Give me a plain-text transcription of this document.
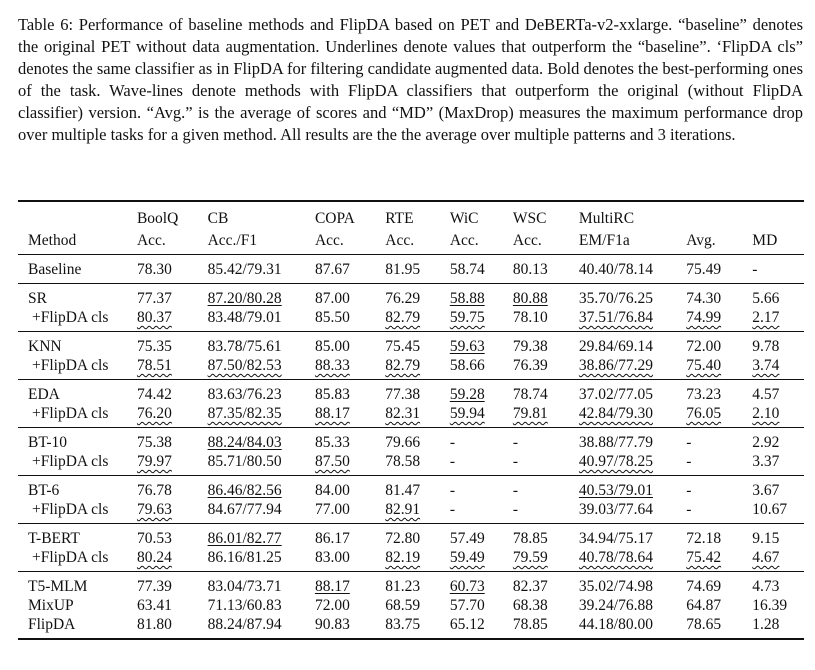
Table 6: Performance of baseline methods and FlipDA based on PET and DeBERTa-v2-xxlarge. “baseline” denotes the original PET without data augmentation. Underlines denote values that outperform the “baseline”. ‘FlipDA cls” denotes the same classifier as in FlipDA for filtering candidate augmented data. Bold denotes the best-performing ones of the task. Wave-lines denote methods with FlipDA classifiers that outperform the original (without FlipDA classifier) version. “Avg.” is the average of scores and “MD” (MaxDrop) measures the maximum performance drop over multiple tasks for a given method. All results are the the average over multiple patterns and 3 iterations.

	BoolQ	CB	COPA	RTE	WiC	WSC	MultiRC		
Method	Acc.	Acc./F1	Acc.	Acc.	Acc.	Acc.	EM/F1a	Avg.	MD
Baseline	78.30	85.42/79.31	87.67	81.95	58.74	80.13	40.40/78.14	75.49	-
SR	77.37	87.20/80.28	87.00	76.29	58.88	80.88	35.70/76.25	74.30	5.66
+FlipDA cls	80.37	83.48/79.01	85.50	82.79	59.75	78.10	37.51/76.84	74.99	2.17
KNN	75.35	83.78/75.61	85.00	75.45	59.63	79.38	29.84/69.14	72.00	9.78
+FlipDA cls	78.51	87.50/82.53	88.33	82.79	58.66	76.39	38.86/77.29	75.40	3.74
EDA	74.42	83.63/76.23	85.83	77.38	59.28	78.74	37.02/77.05	73.23	4.57
+FlipDA cls	76.20	87.35/82.35	88.17	82.31	59.94	79.81	42.84/79.30	76.05	2.10
BT-10	75.38	88.24/84.03	85.33	79.66	-	-	38.88/77.79	-	2.92
+FlipDA cls	79.97	85.71/80.50	87.50	78.58	-	-	40.97/78.25	-	3.37
BT-6	76.78	86.46/82.56	84.00	81.47	-	-	40.53/79.01	-	3.67
+FlipDA cls	79.63	84.67/77.94	77.00	82.91	-	-	39.03/77.64	-	10.67
T-BERT	70.53	86.01/82.77	86.17	72.80	57.49	78.85	34.94/75.17	72.18	9.15
+FlipDA cls	80.24	86.16/81.25	83.00	82.19	59.49	79.59	40.78/78.64	75.42	4.67
T5-MLM	77.39	83.04/73.71	88.17	81.23	60.73	82.37	35.02/74.98	74.69	4.73
MixUP	63.41	71.13/60.83	72.00	68.59	57.70	68.38	39.24/76.88	64.87	16.39
FlipDA	81.80	88.24/87.94	90.83	83.75	65.12	78.85	44.18/80.00	78.65	1.28
